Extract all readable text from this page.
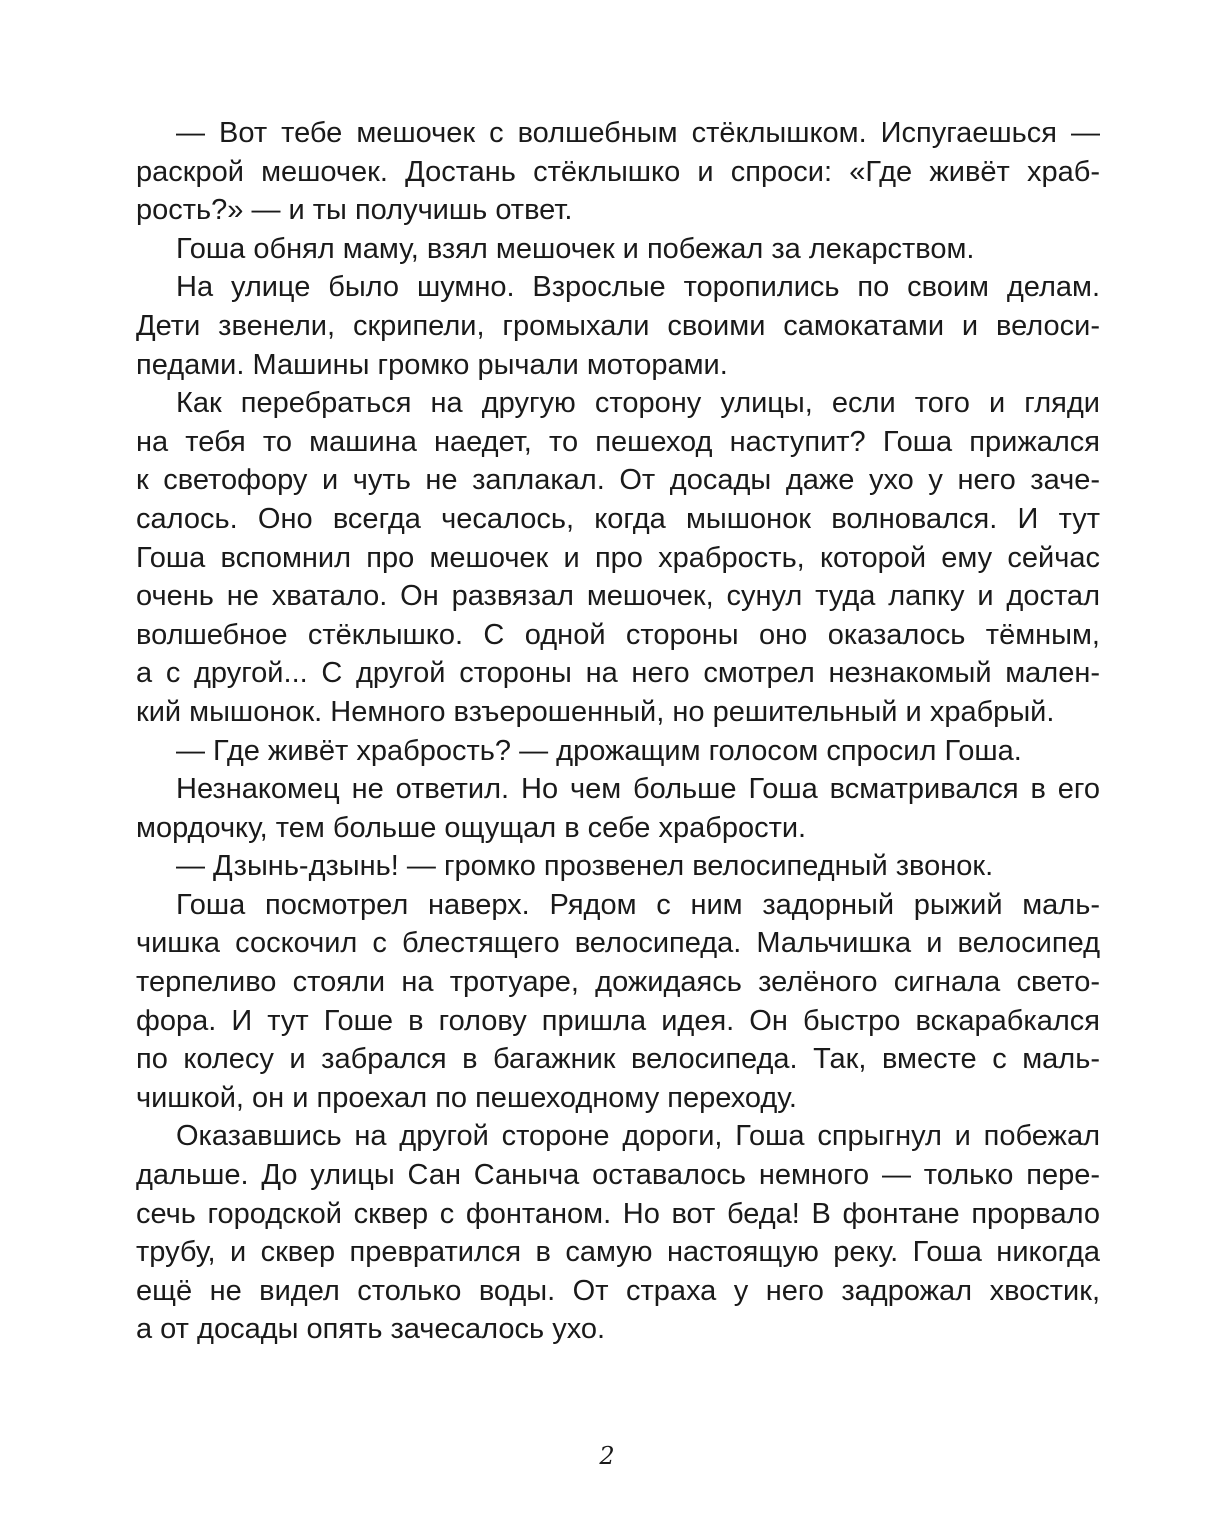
— Вот тебе мешочек с волшебным стёклышком. Испугаешься —
раскрой мешочек. Достань стёклышко и спроси: «Где живёт храб-
рость?» — и ты получишь ответ.
Гоша обнял маму, взял мешочек и побежал за лекарством.
На улице было шумно. Взрослые торопились по своим делам.
Дети звенели, скрипели, громыхали своими самокатами и велоси-
педами. Машины громко рычали моторами.
Как перебраться на другую сторону улицы, если того и гляди
на тебя то машина наедет, то пешеход наступит? Гоша прижался
к светофору и чуть не заплакал. От досады даже ухо у него заче-
салось. Оно всегда чесалось, когда мышонок волновался. И тут
Гоша вспомнил про мешочек и про храбрость, которой ему сейчас
очень не хватало. Он развязал мешочек, сунул туда лапку и достал
волшебное стёклышко. С одной стороны оно оказалось тёмным,
а с другой... С другой стороны на него смотрел незнакомый мален-
кий мышонок. Немного взъерошенный, но решительный и храбрый.
— Где живёт храбрость? — дрожащим голосом спросил Гоша.
Незнакомец не ответил. Но чем больше Гоша всматривался в его
мордочку, тем больше ощущал в себе храбрости.
— Дзынь-дзынь! — громко прозвенел велосипедный звонок.
Гоша посмотрел наверх. Рядом с ним задорный рыжий маль-
чишка соскочил с блестящего велосипеда. Мальчишка и велосипед
терпеливо стояли на тротуаре, дожидаясь зелёного сигнала свето-
фора. И тут Гоше в голову пришла идея. Он быстро вскарабкался
по колесу и забрался в багажник велосипеда. Так, вместе с маль-
чишкой, он и проехал по пешеходному переходу.
Оказавшись на другой стороне дороги, Гоша спрыгнул и побежал
дальше. До улицы Сан Саныча оставалось немного — только пере-
сечь городской сквер с фонтаном. Но вот беда! В фонтане прорвало
трубу, и сквер превратился в самую настоящую реку. Гоша никогда
ещё не видел столько воды. От страха у него задрожал хвостик,
а от досады опять зачесалось ухо.
2
